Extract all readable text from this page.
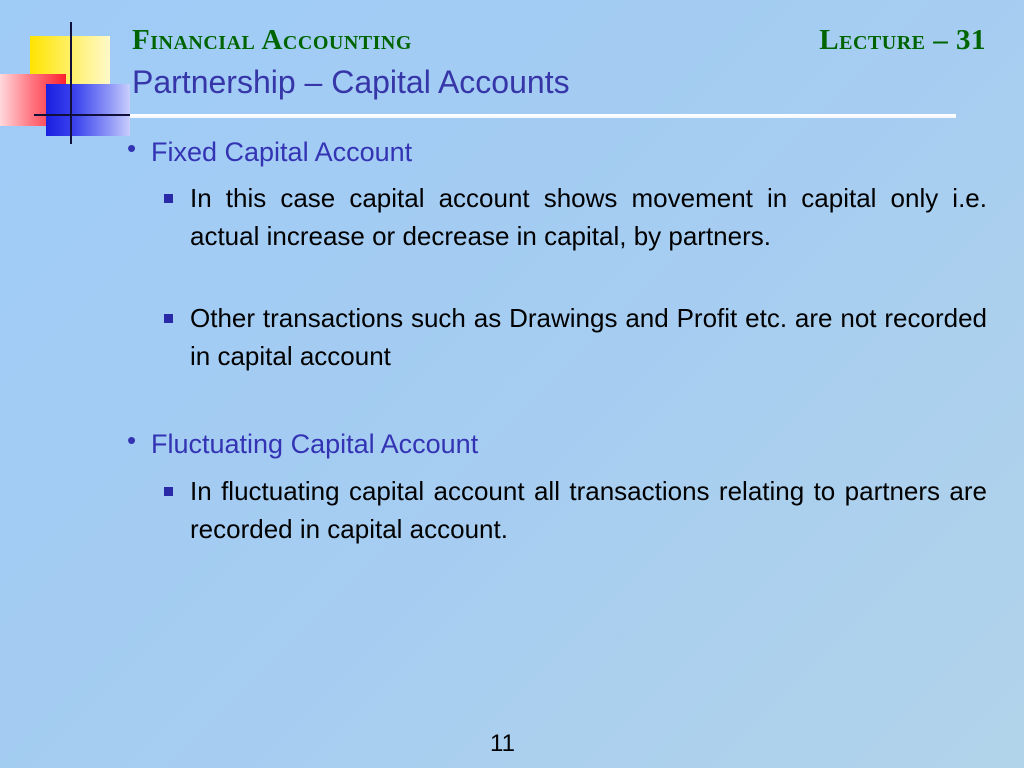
Financial Accounting	Lecture – 31
Partnership – Capital Accounts
• Fixed Capital Account
In this case capital account shows movement in capital only i.e. actual increase or decrease in capital, by partners.
Other transactions such as Drawings and Profit etc. are not recorded in capital account
• Fluctuating Capital Account
In fluctuating capital account all transactions relating to partners are recorded in capital account.
11
